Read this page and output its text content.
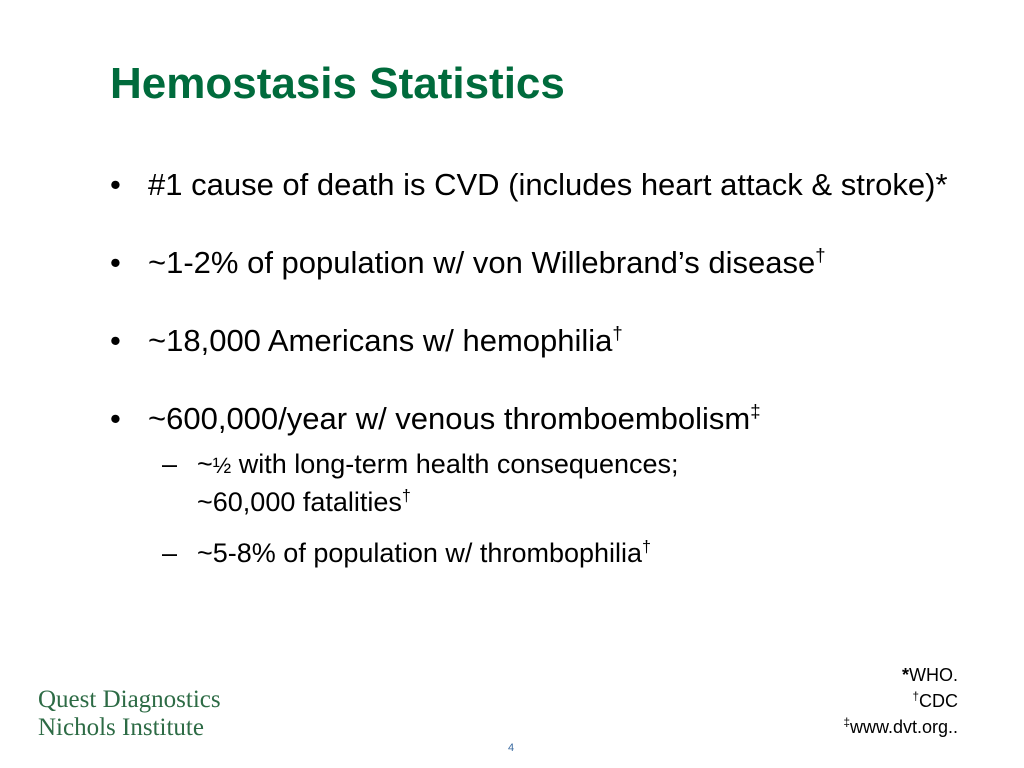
Hemostasis Statistics
• #1 cause of death is CVD (includes heart attack & stroke)*
• ~1-2% of population w/ von Willebrand’s disease†
• ~18,000 Americans w/ hemophilia†
• ~600,000/year w/ venous thromboembolism‡
– ~½ with long-term health consequences;
~60,000 fatalities†
– ~5-8% of population w/ thrombophilia†
*WHO.
†CDC
‡www.dvt.org..
Quest Diagnostics
Nichols Institute
4
